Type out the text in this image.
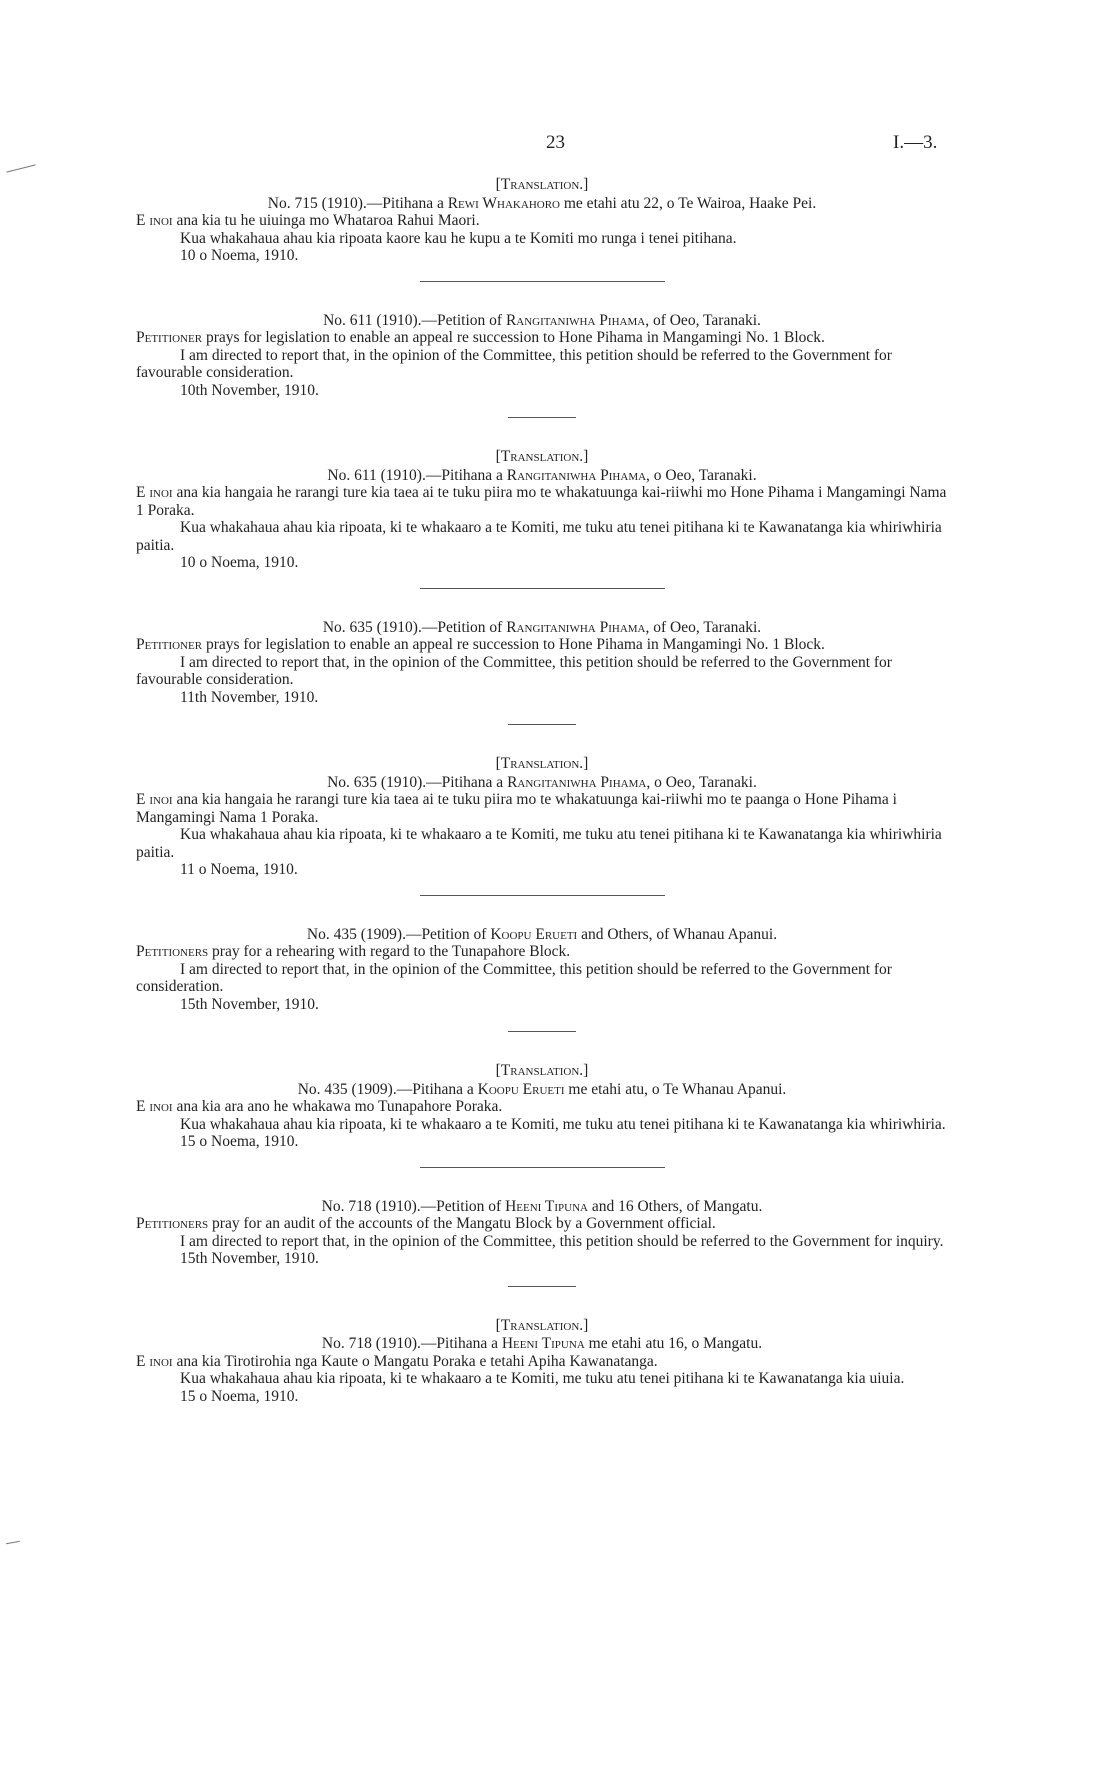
23	I.—3.

[Translation.]

No. 715 (1910).—Pitihana a Rewi Whakahoro me etahi atu 22, o Te Wairoa, Haake Pei.

E inoi ana kia tu he uiuinga mo Whataroa Rahui Maori.

Kua whakahaua ahau kia ripoata kaore kau he kupu a te Komiti mo runga i tenei pitihana.

10 o Noema, 1910.

No. 611 (1910).—Petition of Rangitaniwha Pihama, of Oeo, Taranaki.

Petitioner prays for legislation to enable an appeal re succession to Hone Pihama in Mangamingi No. 1 Block.

I am directed to report that, in the opinion of the Committee, this petition should be referred to the Government for favourable consideration.

10th November, 1910.

[Translation.]

No. 611 (1910).—Pitihana a Rangitaniwha Pihama, o Oeo, Taranaki.

E inoi ana kia hangaia he rarangi ture kia taea ai te tuku piira mo te whakatuunga kai-riiwhi mo Hone Pihama i Mangamingi Nama 1 Poraka.

Kua whakahaua ahau kia ripoata, ki te whakaaro a te Komiti, me tuku atu tenei pitihana ki te Kawanatanga kia whiriwhiria paitia.

10 o Noema, 1910.

No. 635 (1910).—Petition of Rangitaniwha Pihama, of Oeo, Taranaki.

Petitioner prays for legislation to enable an appeal re succession to Hone Pihama in Mangamingi No. 1 Block.

I am directed to report that, in the opinion of the Committee, this petition should be referred to the Government for favourable consideration.

11th November, 1910.

[Translation.]

No. 635 (1910).—Pitihana a Rangitaniwha Pihama, o Oeo, Taranaki.

E inoi ana kia hangaia he rarangi ture kia taea ai te tuku piira mo te whakatuunga kai-riiwhi mo te paanga o Hone Pihama i Mangamingi Nama 1 Poraka.

Kua whakahaua ahau kia ripoata, ki te whakaaro a te Komiti, me tuku atu tenei pitihana ki te Kawanatanga kia whiriwhiria paitia.

11 o Noema, 1910.

No. 435 (1909).—Petition of Koopu Erueti and Others, of Whanau Apanui.

Petitioners pray for a rehearing with regard to the Tunapahore Block.

I am directed to report that, in the opinion of the Committee, this petition should be referred to the Government for consideration.

15th November, 1910.

[Translation.]

No. 435 (1909).—Pitihana a Koopu Erueti me etahi atu, o Te Whanau Apanui.

E inoi ana kia ara ano he whakawa mo Tunapahore Poraka.

Kua whakahaua ahau kia ripoata, ki te whakaaro a te Komiti, me tuku atu tenei pitihana ki te Kawanatanga kia whiriwhiria.

15 o Noema, 1910.

No. 718 (1910).—Petition of Heeni Tipuna and 16 Others, of Mangatu.

Petitioners pray for an audit of the accounts of the Mangatu Block by a Government official.

I am directed to report that, in the opinion of the Committee, this petition should be referred to the Government for inquiry.

15th November, 1910.

[Translation.]

No. 718 (1910).—Pitihana a Heeni Tipuna me etahi atu 16, o Mangatu.

E inoi ana kia Tirotirohia nga Kaute o Mangatu Poraka e tetahi Apiha Kawanatanga.

Kua whakahaua ahau kia ripoata, ki te whakaaro a te Komiti, me tuku atu tenei pitihana ki te Kawanatanga kia uiuia.

15 o Noema, 1910.
